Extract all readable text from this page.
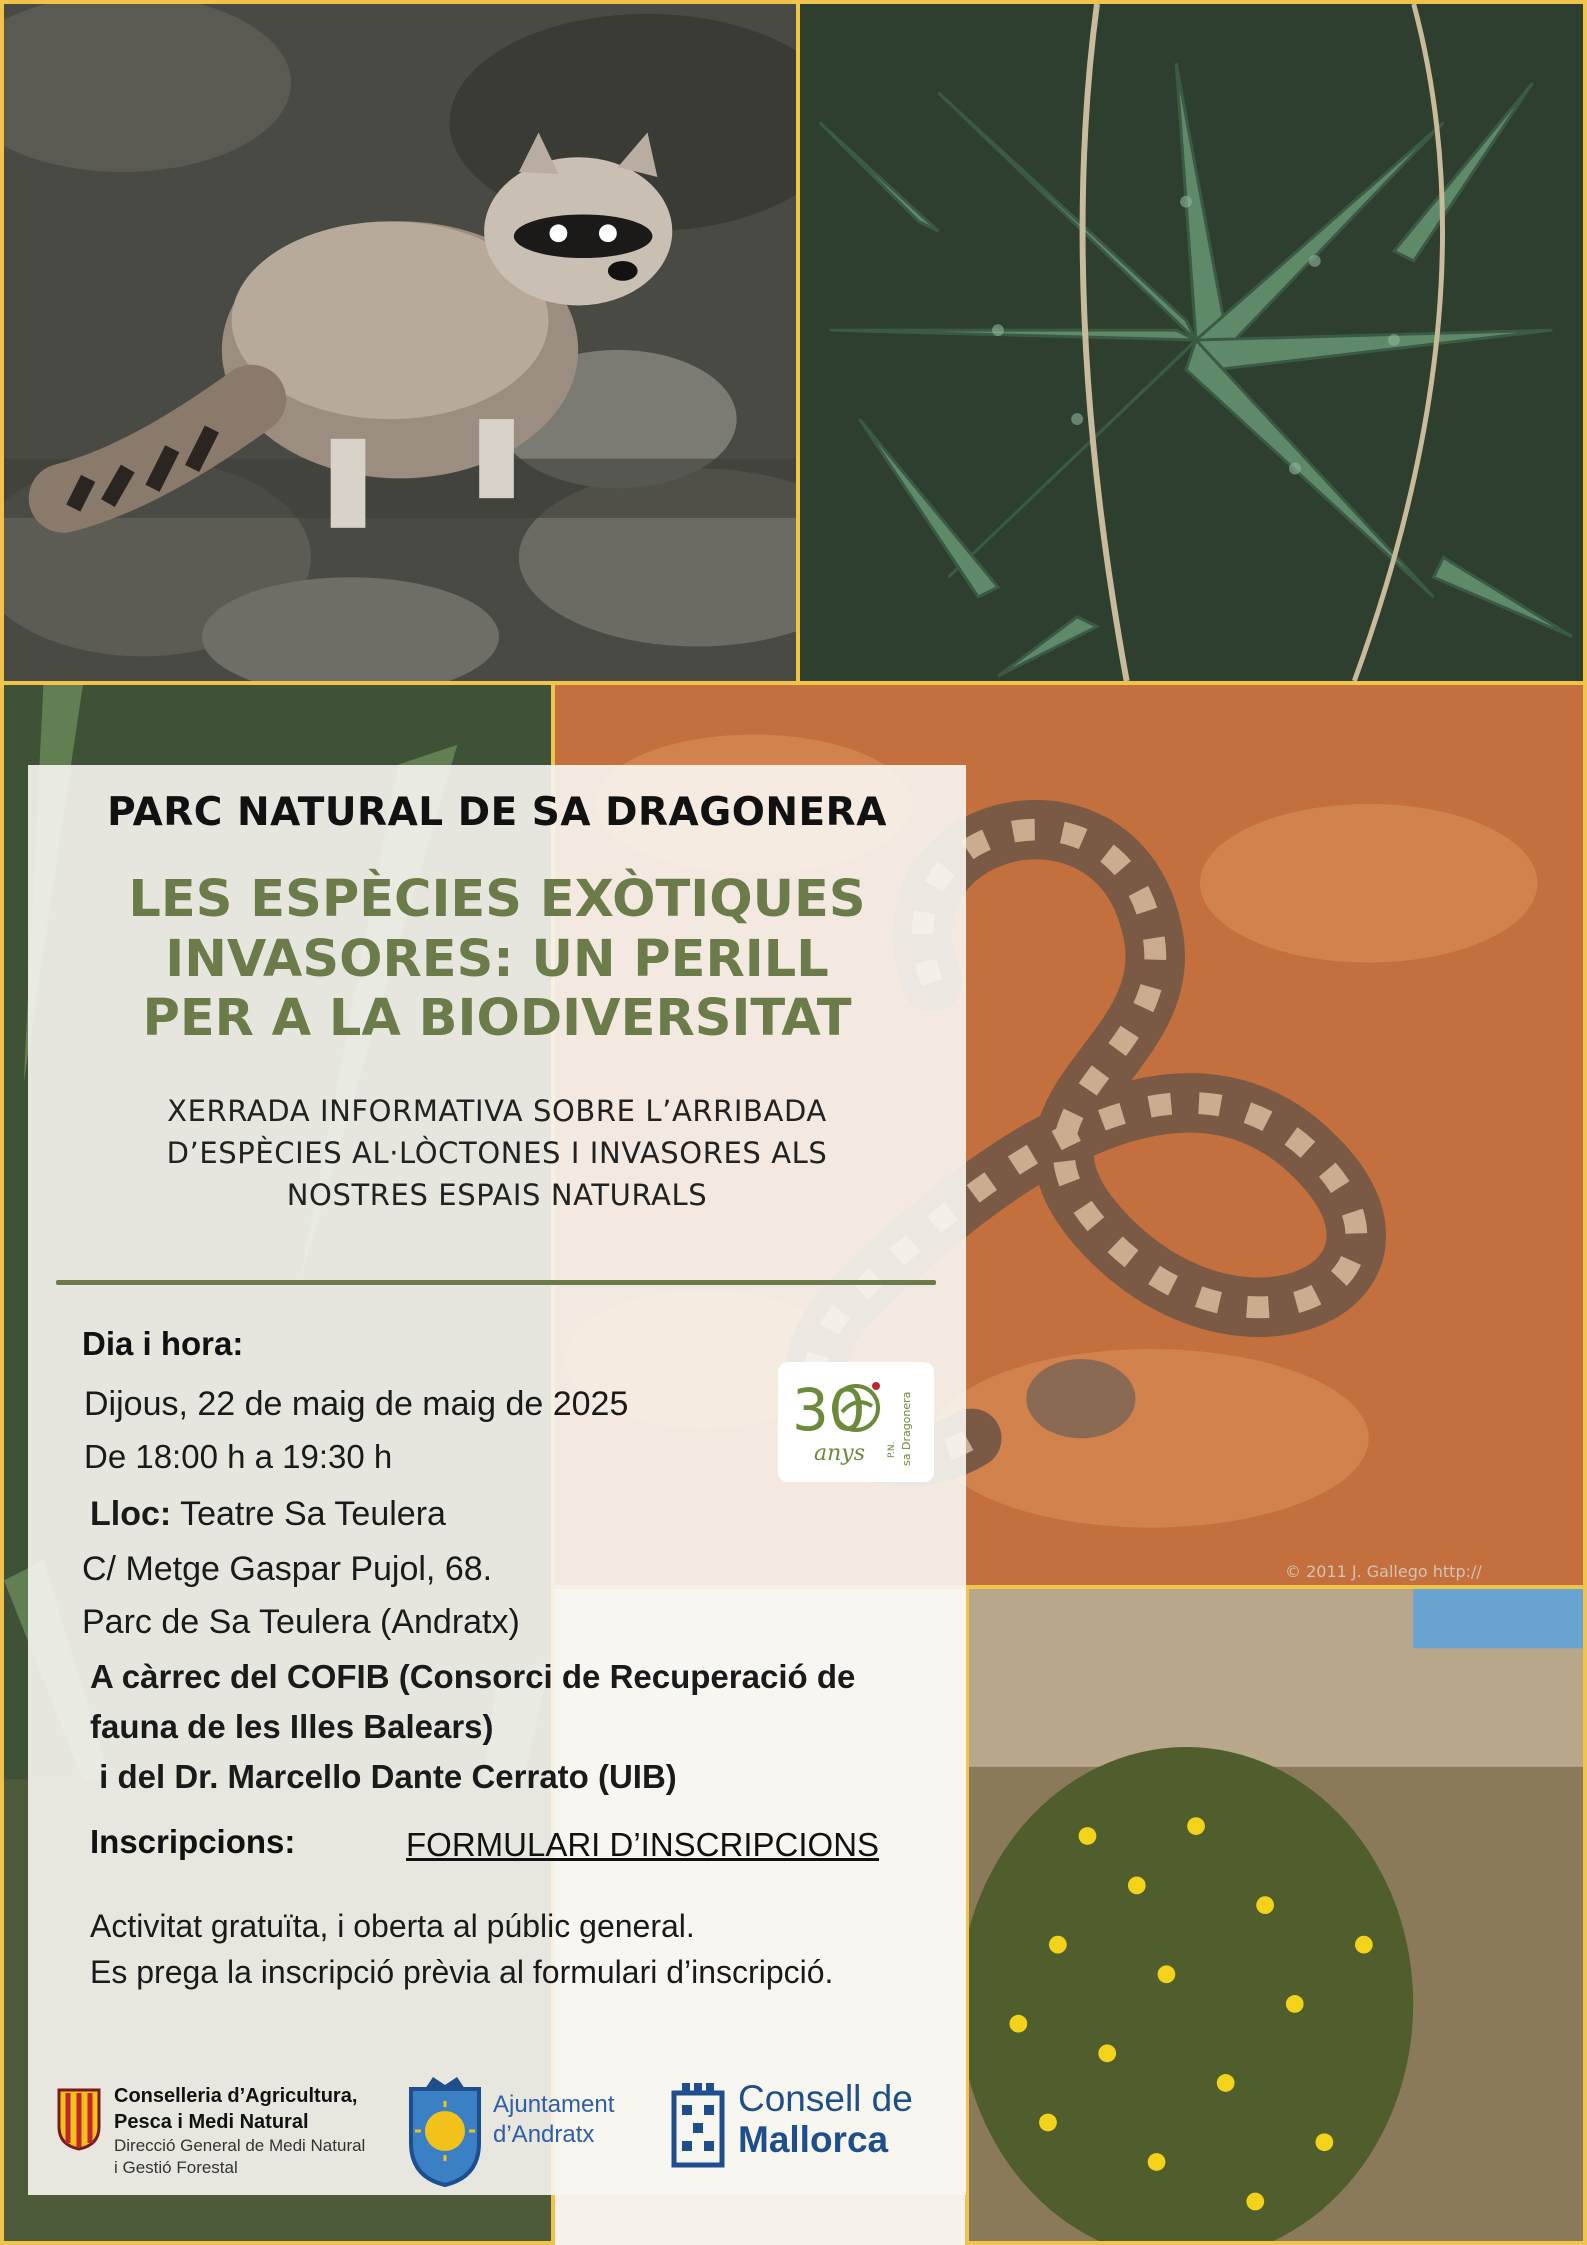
© 2011 J. Gallego http://
PARC NATURAL DE SA DRAGONERA
LES ESPÈCIES EXÒTIQUES
INVASORES: UN PERILL
PER A LA BIODIVERSITAT
XERRADA INFORMATIVA SOBRE L’ARRIBADA
D’ESPÈCIES AL·LÒCTONES I INVASORES ALS
NOSTRES ESPAIS NATURALS
Dia i hora:
Dijous, 22 de maig de maig de 2025
De 18:00 h a 19:30 h
Lloc: Teatre Sa Teulera
C/ Metge Gaspar Pujol, 68.
Parc de Sa Teulera (Andratx)
A càrrec del COFIB (Consorci de Recuperació de
fauna de les Illes Balears)
i del Dr. Marcello Dante Cerrato (UIB)
Inscripcions:	FORMULARI D’INSCRIPCIONS
Activitat gratuïta, i oberta al públic general.
Es prega la inscripció prèvia al formulari d’inscripció.
Conselleria d’Agricultura,
Pesca i Medi Natural
Direcció General de Medi Natural
i Gestió Forestal
Ajuntament
d’Andratx
Consell de
Mallorca
30
anys P.N. sa Dragonera
